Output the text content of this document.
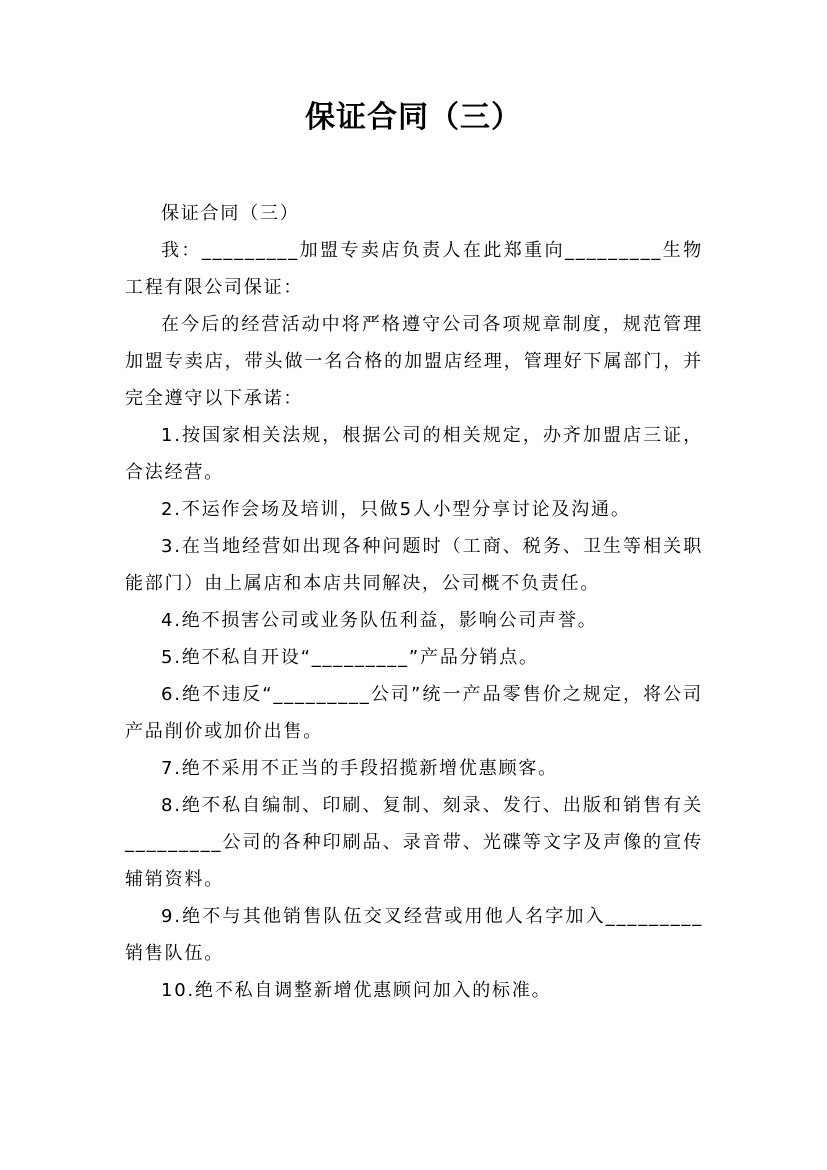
保证合同（三）

保证合同（三）

我：_________加盟专卖店负责人在此郑重向_________生物工程有限公司保证：

在今后的经营活动中将严格遵守公司各项规章制度，规范管理加盟专卖店，带头做一名合格的加盟店经理，管理好下属部门，并完全遵守以下承诺：

1.按国家相关法规，根据公司的相关规定，办齐加盟店三证，合法经营。

2.不运作会场及培训，只做5人小型分享讨论及沟通。

3.在当地经营如出现各种问题时（工商、税务、卫生等相关职能部门）由上属店和本店共同解决，公司概不负责任。

4.绝不损害公司或业务队伍利益，影响公司声誉。

5.绝不私自开设“_________”产品分销点。

6.绝不违反“_________公司”统一产品零售价之规定，将公司产品削价或加价出售。

7.绝不采用不正当的手段招揽新增优惠顾客。

8.绝不私自编制、印刷、复制、刻录、发行、出版和销售有关_________公司的各种印刷品、录音带、光碟等文字及声像的宣传辅销资料。

9.绝不与其他销售队伍交叉经营或用他人名字加入_________销售队伍。

10.绝不私自调整新增优惠顾问加入的标准。
